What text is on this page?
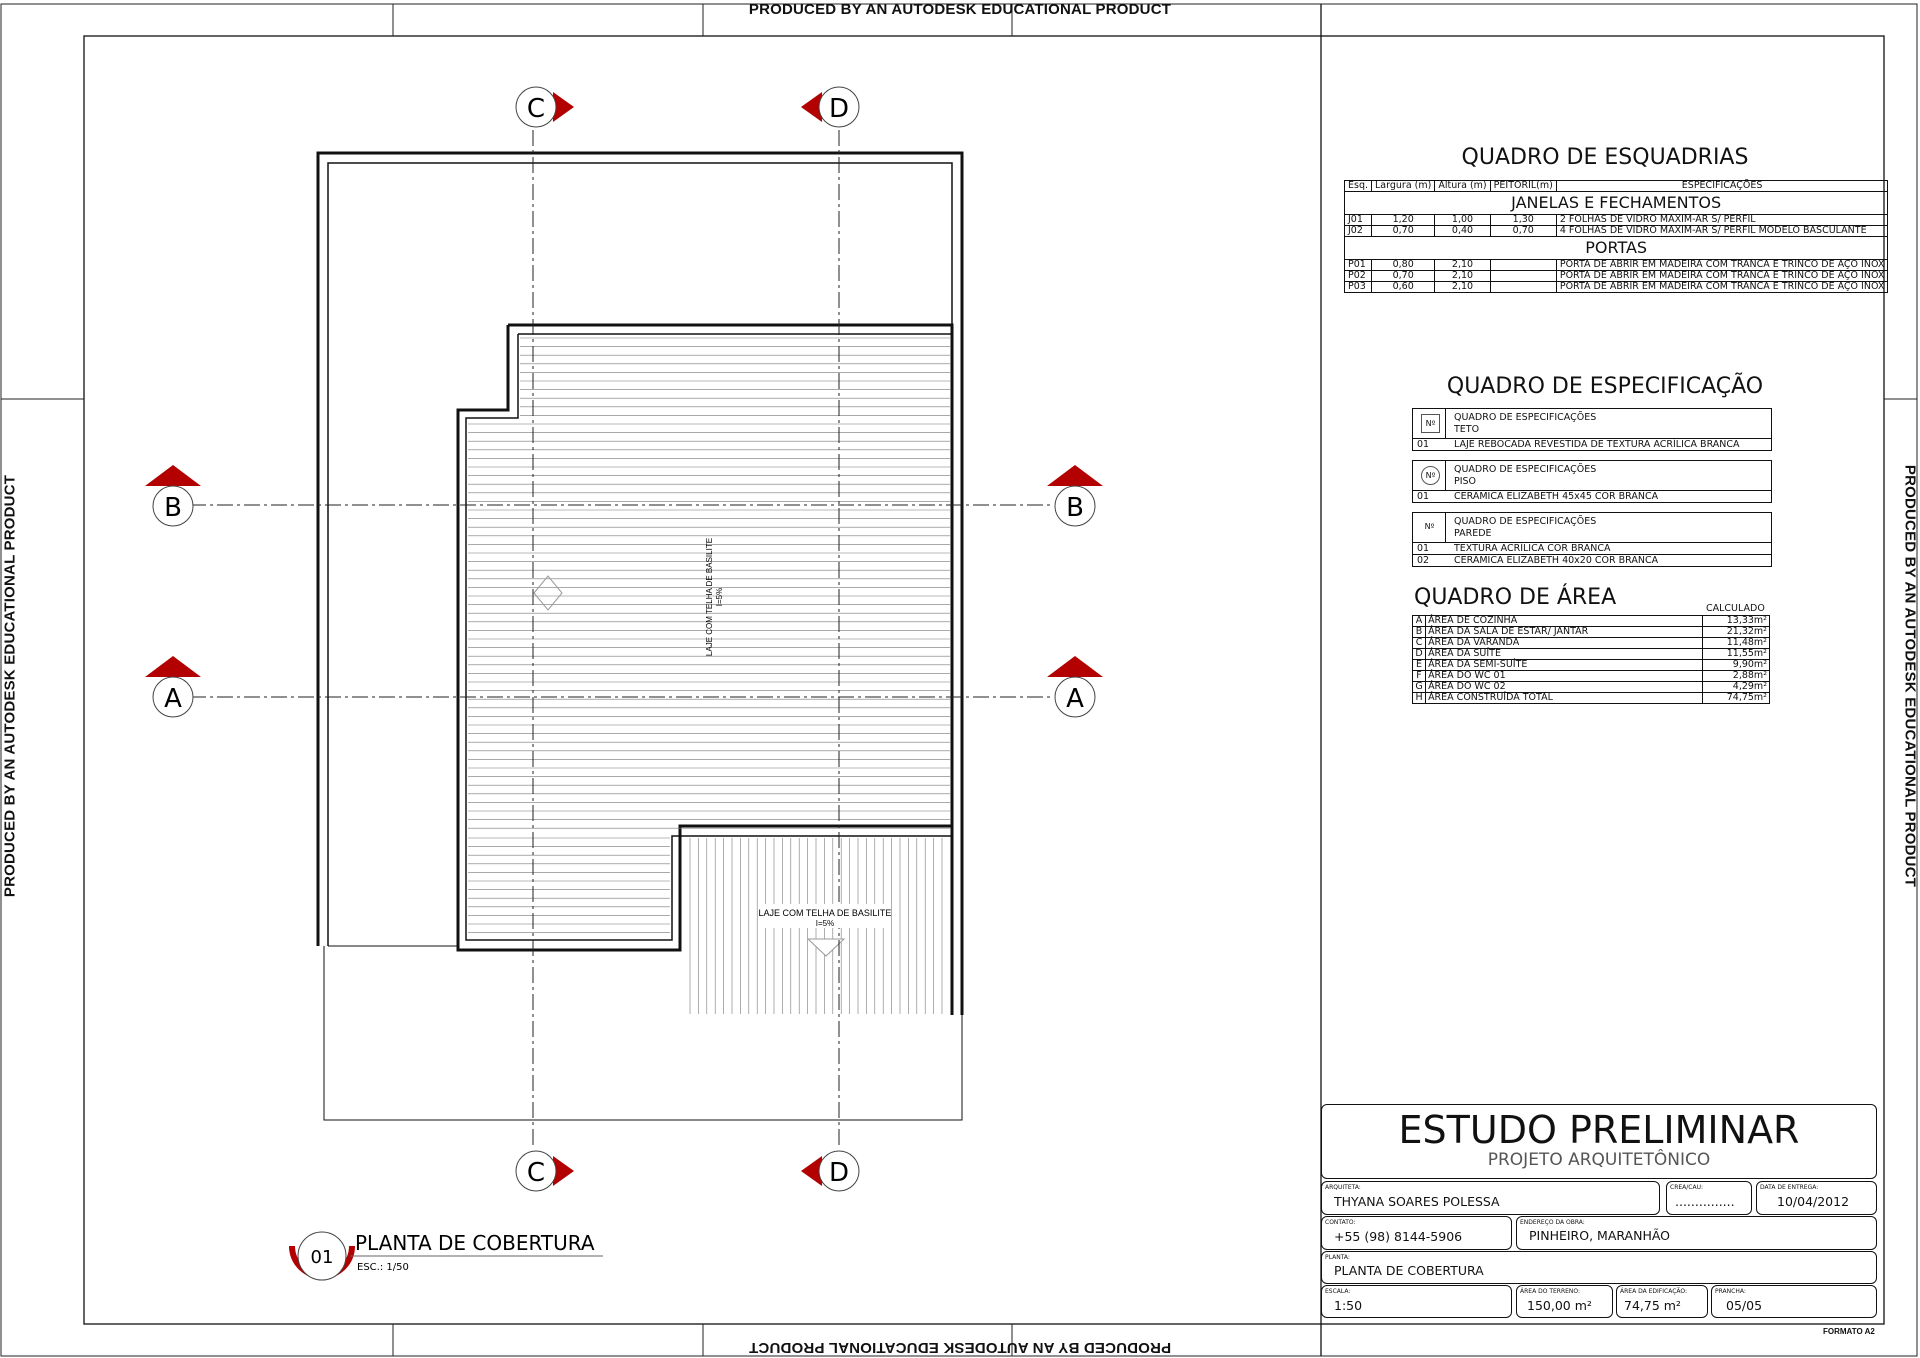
C	D
C	D
B	B
A	A
LAJE COM TELHA DE BASILITE I=5%
LAJE COM TELHA DE BASILITE
I=5%
01
PLANTA DE COBERTURA
ESC.: 1/50
PRODUCED BY AN AUTODESK EDUCATIONAL PRODUCT
PRODUCED BY AN AUTODESK EDUCATIONAL PRODUCT
PRODUCED BY AN AUTODESK EDUCATIONAL PRODUCT	PRODUCED BY AN AUTODESK EDUCATIONAL PRODUCT
QUADRO DE ESQUADRIAS
Esq.	Largura (m)	Altura (m)	PEITORIL(m)	ESPECIFICAÇÕES
JANELAS E FECHAMENTOS				
J01	1,20	1,00	1,30	2 FOLHAS DE VIDRO MAXIM-AR S/ PERFIL
J02	0,70	0,40	0,70	4 FOLHAS DE VIDRO MAXIM-AR S/ PERFIL MODELO BASCULANTE
PORTAS				
P01	0,80	2,10		PORTA DE ABRIR EM MADEIRA COM TRANCA E TRINCO DE AÇO INOX
P02	0,70	2,10		PORTA DE ABRIR EM MADEIRA COM TRANCA E TRINCO DE AÇO INOX
P03	0,60	2,10		PORTA DE ABRIR EM MADEIRA COM TRANCA E TRINCO DE AÇO INOX
QUADRO DE ESPECIFICAÇÃO
Nº
QUADRO DE ESPECIFICAÇÕES
TETO
01	LAJE REBOCADA REVESTIDA DE TEXTURA ACRÍLICA BRANCA
Nº
QUADRO DE ESPECIFICAÇÕES
PISO
01	CERÂMICA ELIZABETH 45x45 COR BRANCA
Nº	QUADRO DE ESPECIFICAÇÕES
PAREDE
01	TEXTURA ACRÍLICA COR BRANCA
02	CERÂMICA ELIZABETH 40x20 COR BRANCA
QUADRO DE ÁREA	CALCULADO
A	ÁREA DE COZINHA	13,33m²
B	ÁREA DA SALA DE ESTAR/ JANTAR	21,32m²
C	ÁREA DA VARANDA	11,48m²
D	ÁREA DA SUÍTE	11,55m²
E	ÁREA DA SEMI-SUÍTE	9,90m²
F	ÁREA DO WC 01	2,88m²
G	ÁREA DO WC 02	4,29m²
H	ÁREA CONSTRUÍDA TOTAL	74,75m²
ESTUDO PRELIMINAR
PROJETO ARQUITETÔNICO
ARQUITETA:
THYANA SOARES POLESSA
CREA/CAU:
...............
DATA DE ENTREGA:
10/04/2012
CONTATO:
+55 (98) 8144-5906
ENDEREÇO DA OBRA:
PINHEIRO, MARANHÃO
PLANTA:
PLANTA DE COBERTURA
ESCALA:
1:50
ÁREA DO TERRENO:
150,00 m²
ÁREA DA EDIFICAÇÃO:
74,75 m²
PRANCHA:
05/05
FORMATO A2
